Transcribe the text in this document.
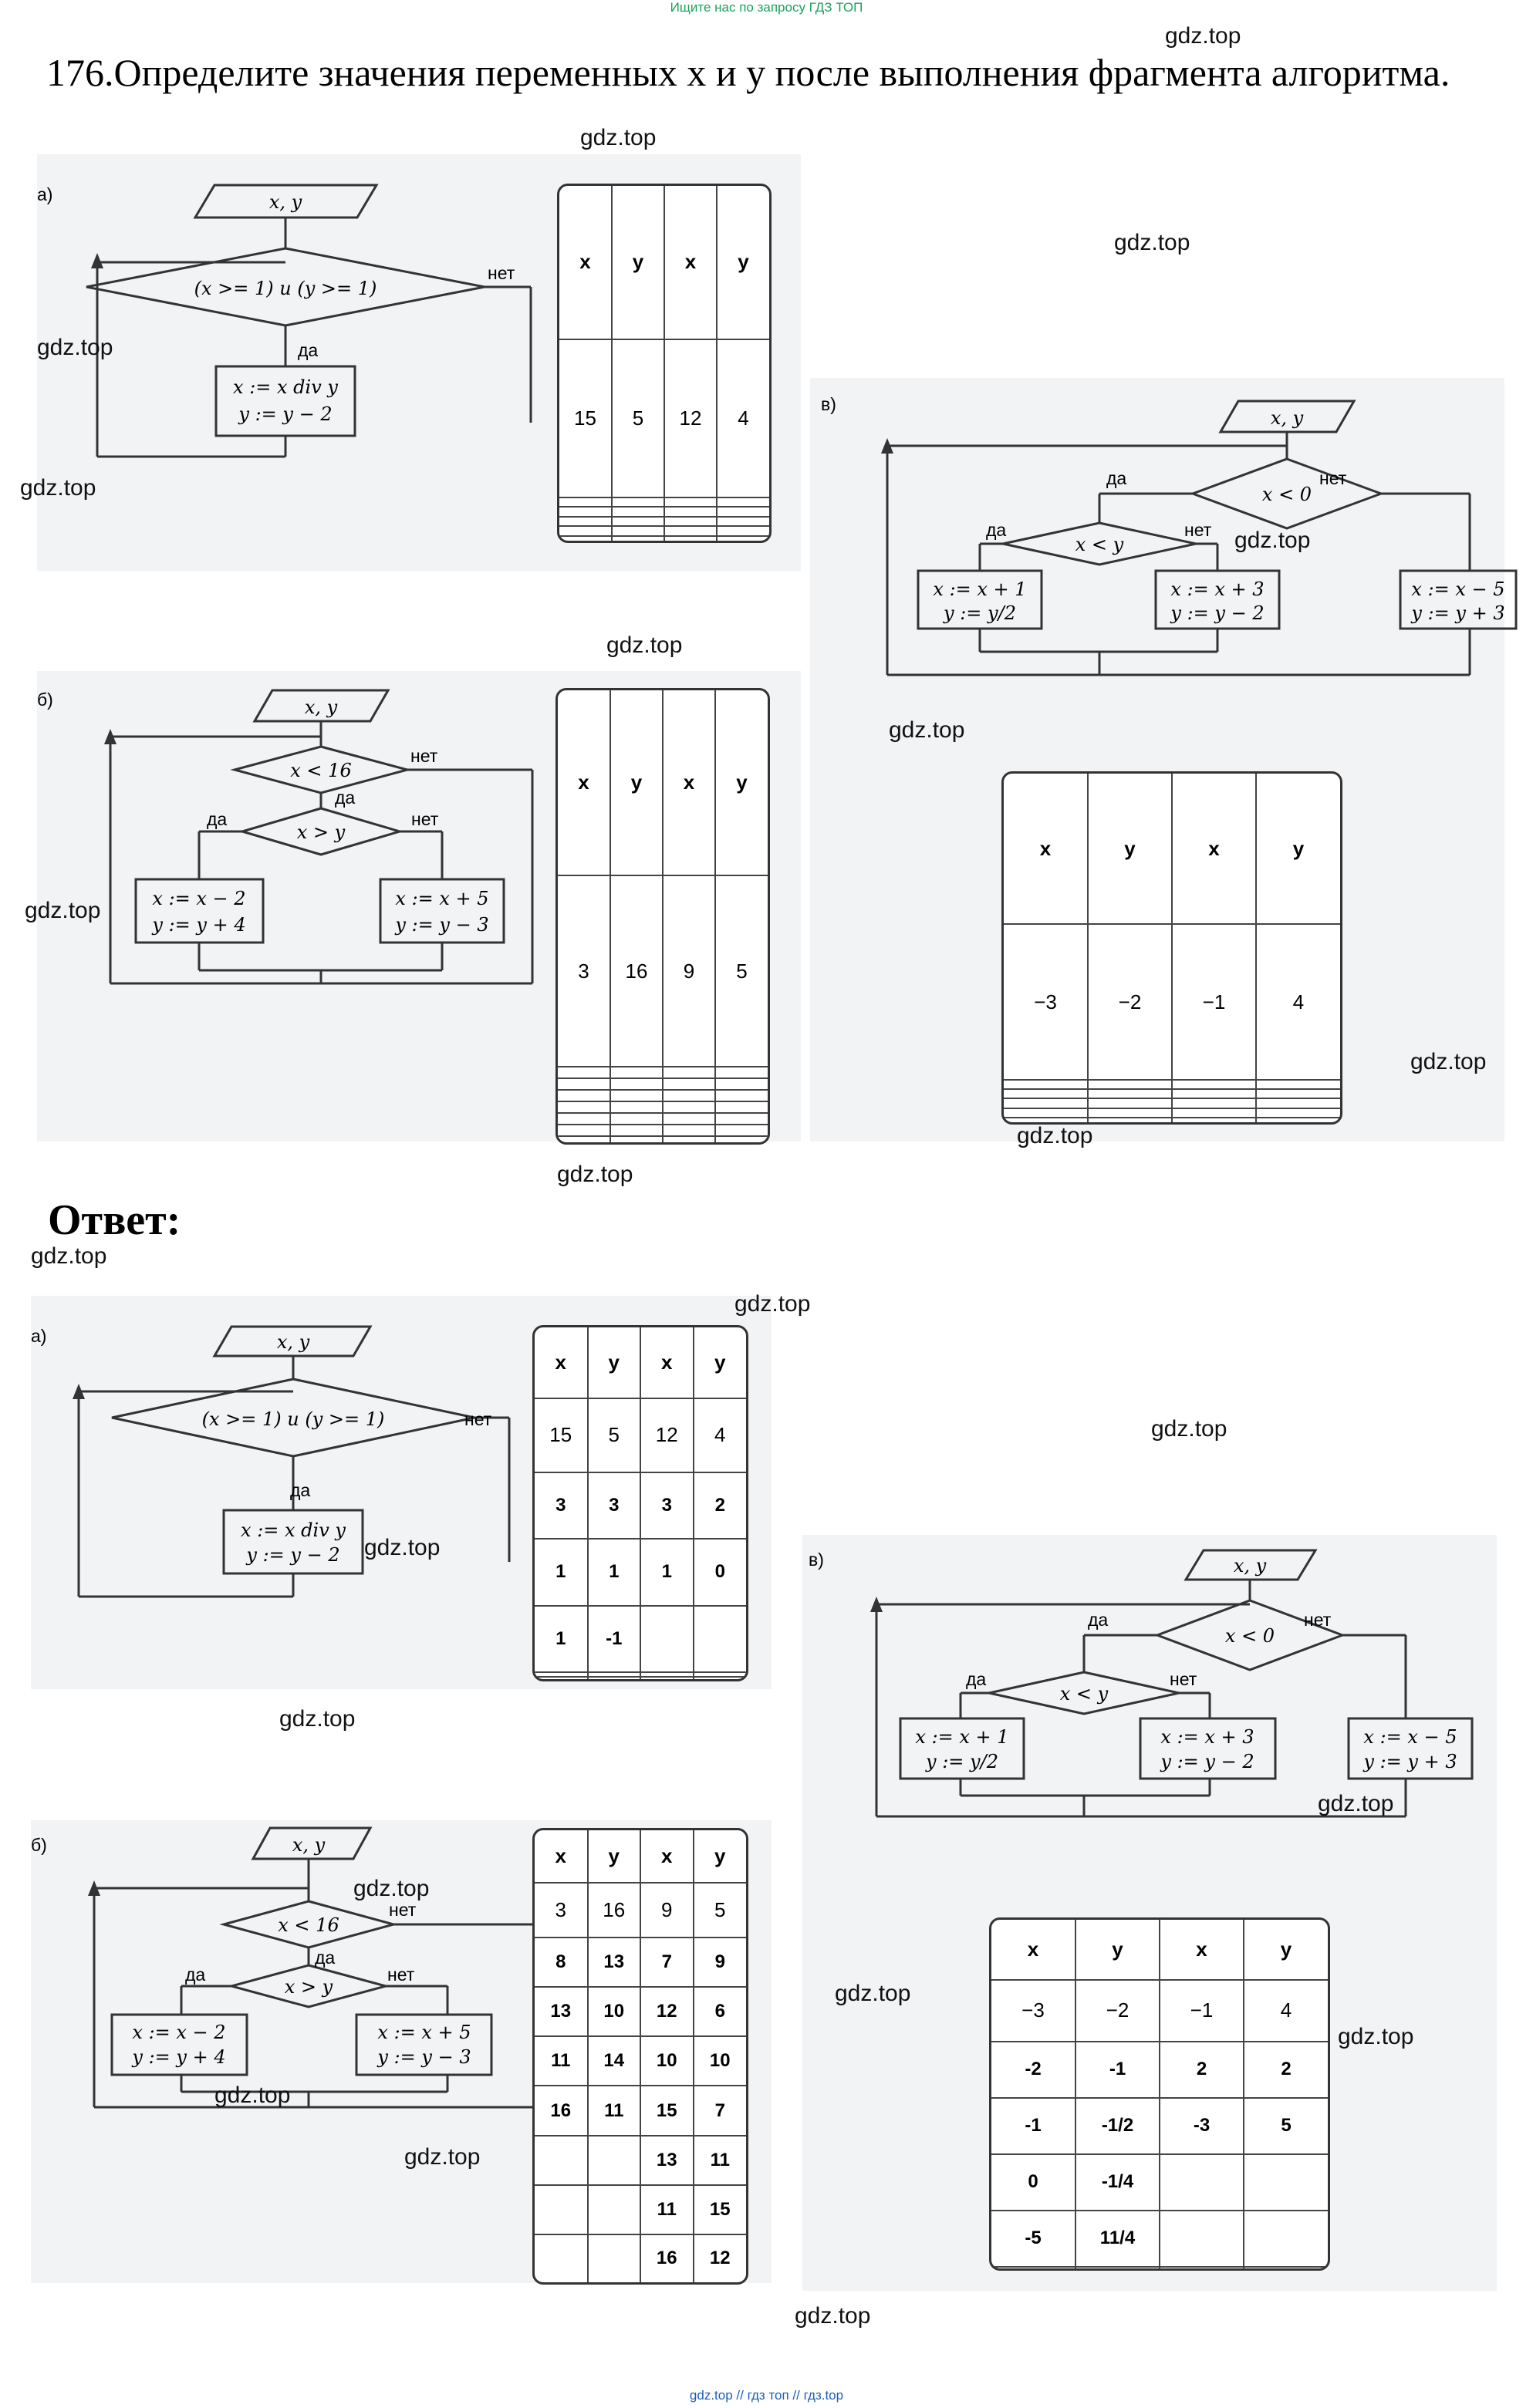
Ищите нас по запросу ГДЗ ТОП
176.Определите значения переменных x и y после выполнения фрагмента алгоритма.
x, y
(x >= 1) и (y >= 1)
x := x div y
y := y − 2
а)
да
нет	x	y	x	y
15	5	12	4

x, y
x < 16
x > y
x := x − 2
y := y + 4
x := x + 5
y := y − 3
б)
да
нет
да	нет
x	y	x	y
3	16	9	5

x, y
x < 0
x < y
x := x + 1
y := y/2
x := x + 3
y := y − 2
x := x − 5
y := y + 3
в)
да	нет
да	нет
x	y	x	y
−3	−2	−1	4

Ответ:
x, y
(x >= 1) и (y >= 1)
x := x div y
y := y − 2
а)
да
нет
x	y	x	y
15	5	12	4
3	3	3	2
1	1	1	0
1	-1		

x, y
x < 16
x > y
x := x − 2
y := y + 4
x := x + 5
y := y − 3
б)
да
нет
да	нет
x	y	x	y
3	16	9	5
8	13	7	9
13	10	12	6
11	14	10	10
16	11	15	7
		13	11
		11	15
		16	12
x, y
x < 0
x < y
x := x + 1
y := y/2
x := x + 3
y := y − 2
x := x − 5
y := y + 3
в)
да	нет
да	нет
x	y	x	y
−3	−2	−1	4
-2	-1	2	2
-1	-1/2	-3	5
0	-1/4		
-5	11/4		

gdz.top
gdz.top
gdz.top
gdz.top
gdz.top
gdz.top
gdz.top
gdz.top
gdz.top
gdz.top
gdz.top
gdz.top
gdz.top
gdz.top
gdz.top
gdz.top
gdz.top
gdz.top
gdz.top
gdz.top
gdz.top
gdz.top
gdz.top
gdz.top
gdz.top // гдз топ // гдз.top
